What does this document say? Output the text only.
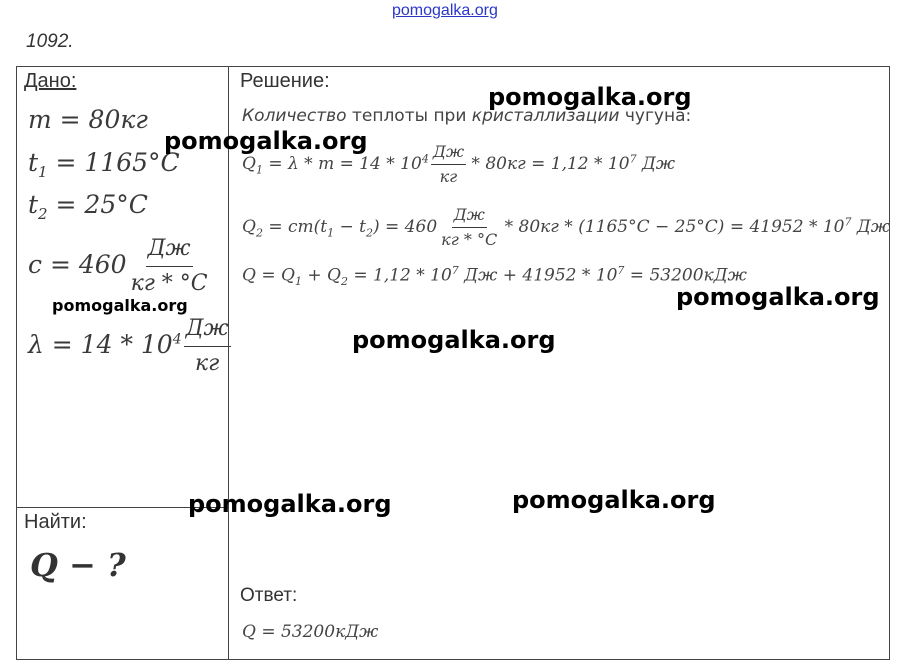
pomogalka.org
1092.
Дано:
m = 80кг
$t_1 = 1165^\circ C$
$t_2 = 25^\circ C$
$c = 460 \frac{Дж}{кг * ^\circ C}$
$\lambda = 14 * 10^4 \frac{Дж}{кг}$
Найти:
Q − ?
Решение:
Количество теплоты при кристаллизации чугуна:
$Q_1 = \lambda * m = 14 * 10^4 \frac{Дж}{кг} * 80кг = 1,12 * 10^7$ Дж
$Q_2 = cm(t_1 - t_2) = 460 \frac{Дж}{кг * ^\circ C} * 80кг * (1165^\circ C - 25^\circ C) = 41952 * 10^7$ Дж
$Q = Q_1 + Q_2 = 1,12 * 10^7$ Дж + $41952 * 10^7 = 53200кДж$
Ответ:
Q = 53200кДж
pomogalka.org
pomogalka.org
pomogalka.org
pomogalka.org
pomogalka.org
pomogalka.org	pomogalka.org
